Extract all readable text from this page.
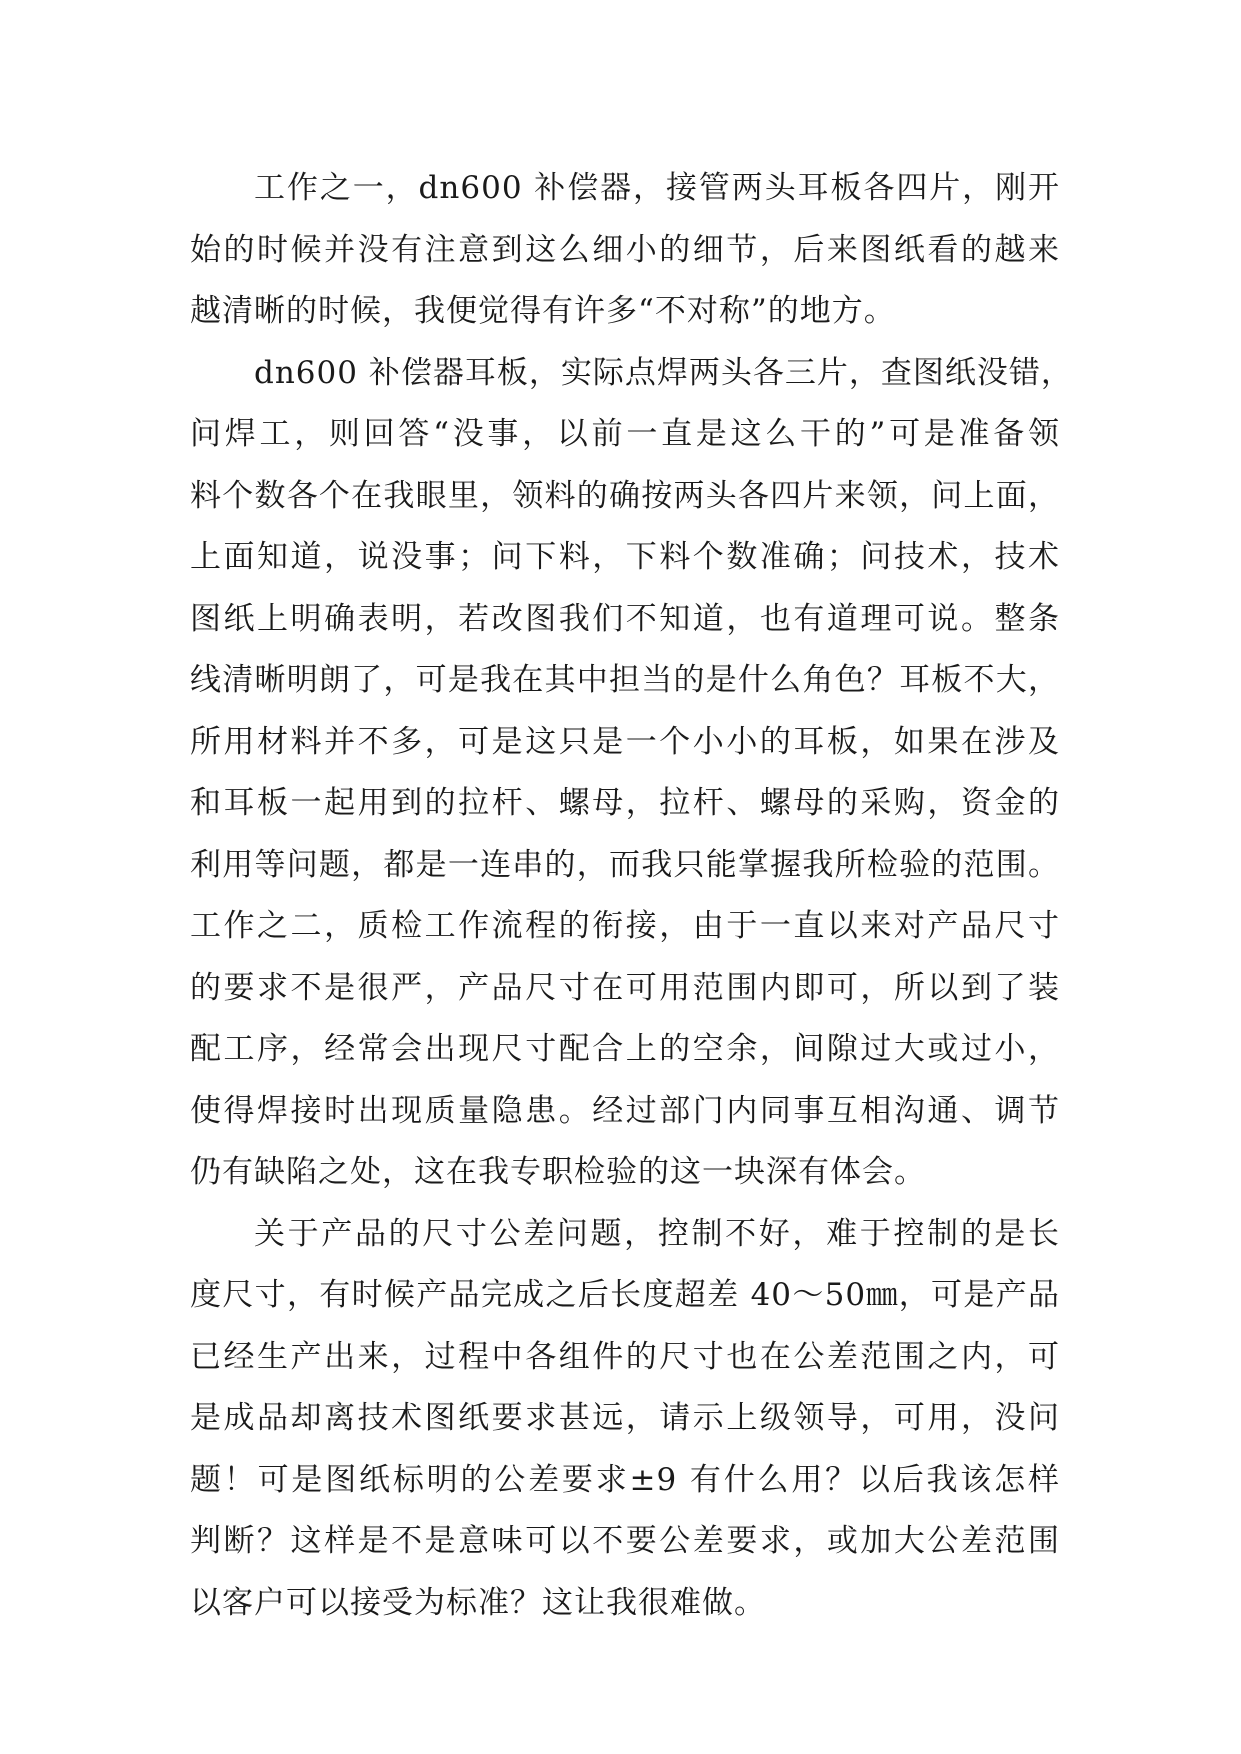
工作之一，dn600 补偿器，接管两头耳板各四片，刚开
始的时候并没有注意到这么细小的细节，后来图纸看的越来
越清晰的时候，我便觉得有许多“不对称”的地方。
dn600 补偿器耳板，实际点焊两头各三片，查图纸没错，
问焊工，则回答“没事，以前一直是这么干的”可是准备领
料个数各个在我眼里，领料的确按两头各四片来领，问上面，
上面知道，说没事；问下料，下料个数准确；问技术，技术
图纸上明确表明，若改图我们不知道，也有道理可说。整条
线清晰明朗了，可是我在其中担当的是什么角色？耳板不大，
所用材料并不多，可是这只是一个小小的耳板，如果在涉及
和耳板一起用到的拉杆、螺母，拉杆、螺母的采购，资金的
利用等问题，都是一连串的，而我只能掌握我所检验的范围。
工作之二，质检工作流程的衔接，由于一直以来对产品尺寸
的要求不是很严，产品尺寸在可用范围内即可，所以到了装
配工序，经常会出现尺寸配合上的空余，间隙过大或过小，
使得焊接时出现质量隐患。经过部门内同事互相沟通、调节
仍有缺陷之处，这在我专职检验的这一块深有体会。
关于产品的尺寸公差问题，控制不好，难于控制的是长
度尺寸，有时候产品完成之后长度超差 40～50㎜，可是产品
已经生产出来，过程中各组件的尺寸也在公差范围之内，可
是成品却离技术图纸要求甚远，请示上级领导，可用，没问
题！可是图纸标明的公差要求±9 有什么用？以后我该怎样
判断？这样是不是意味可以不要公差要求，或加大公差范围
以客户可以接受为标准？这让我很难做。
